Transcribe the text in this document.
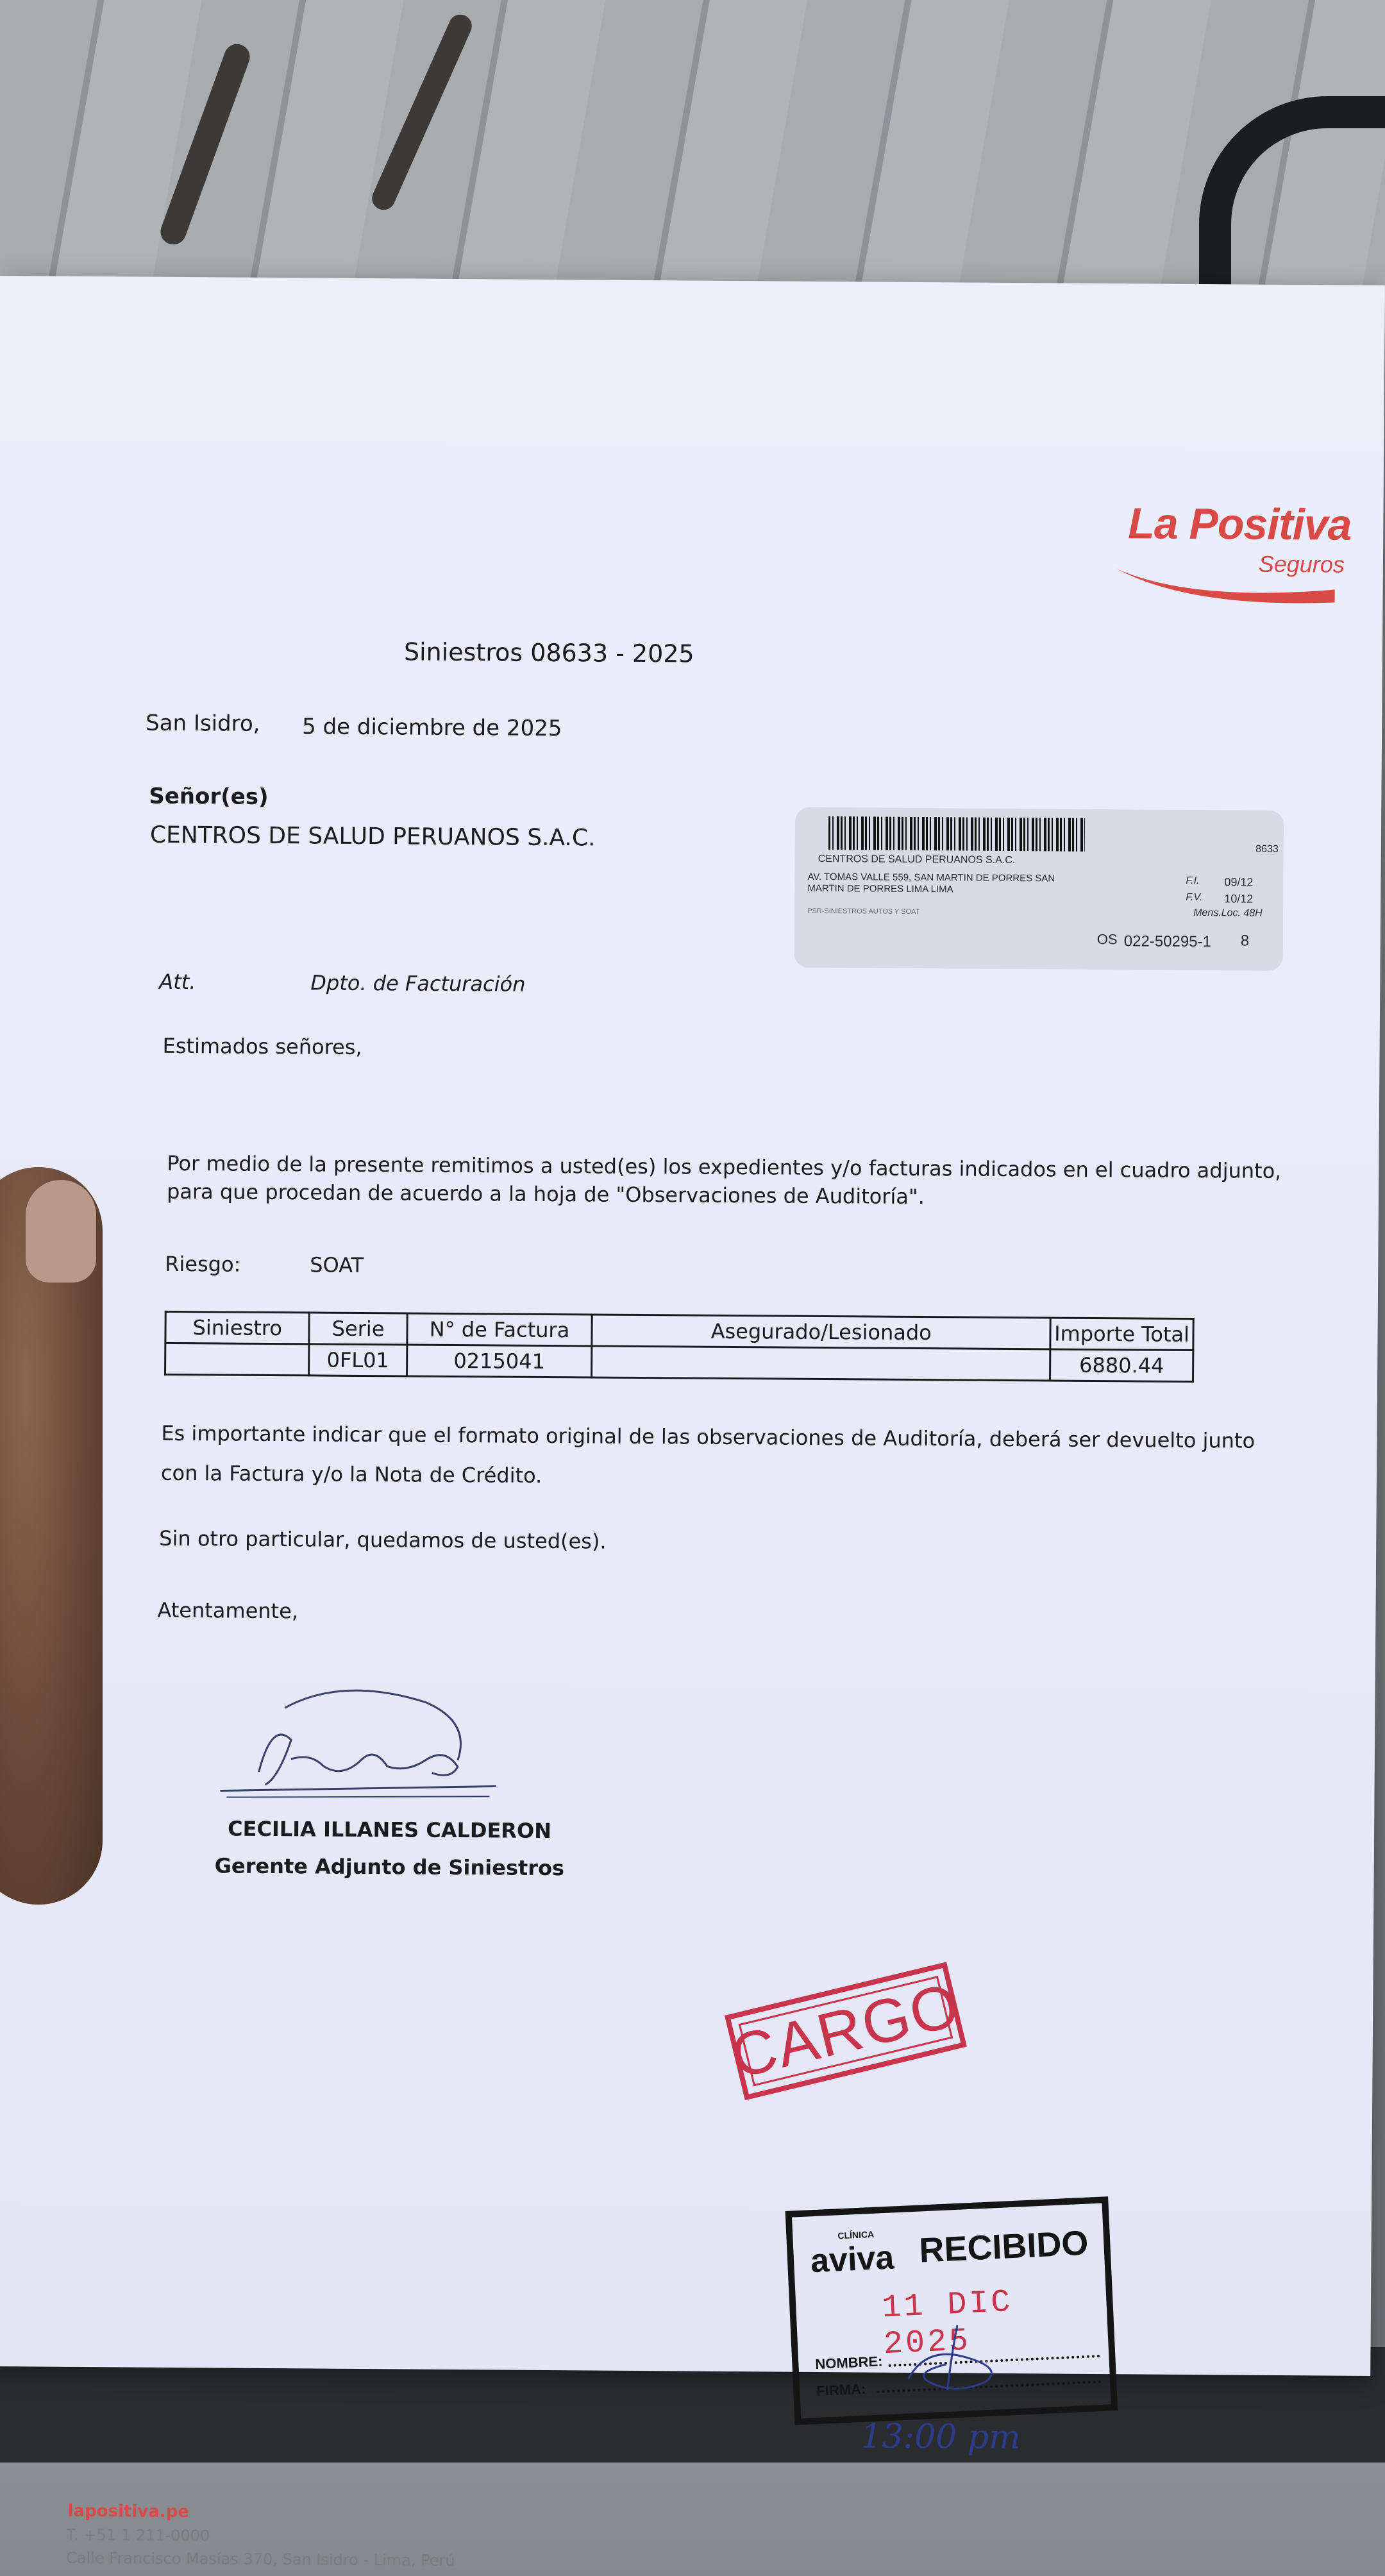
La Positiva
Seguros
Siniestros 08633 - 2025
San Isidro, 5 de diciembre de 2025
Señor(es)
CENTROS DE SALUD PERUANOS S.A.C.	8633
CENTROS DE SALUD PERUANOS S.A.C.
AV. TOMAS VALLE 559, SAN MARTIN DE PORRES SAN
MARTIN DE PORRES LIMA LIMA
F.I. 09/12
F.V. 10/12
Mens.Loc. 48H
PSR-SINIESTROS AUTOS Y SOAT
OS 022-50295-1 8
Att.	Dpto. de Facturación
Estimados señores,
Por medio de la presente remitimos a usted(es) los expedientes y/o facturas indicados en el cuadro adjunto,
para que procedan de acuerdo a la hoja de "Observaciones de Auditoría".
Riesgo:	SOAT
Siniestro	Serie	N° de Factura	Asegurado/Lesionado	Importe Total
	0FL01	0215041		6880.44
Es importante indicar que el formato original de las observaciones de Auditoría, deberá ser devuelto junto
con la Factura y/o la Nota de Crédito.
Sin otro particular, quedamos de usted(es).
Atentamente,
CECILIA ILLANES CALDERON
Gerente Adjunto de Siniestros
CARGO
CLÍNICA
aviva RECIBIDO
11 DIC 2025
NOMBRE:
FIRMA:
13:00 pm
lapositiva.pe
T. +51 1 211-0000
Calle Francisco Masías 370, San Isidro - Lima, Perú
